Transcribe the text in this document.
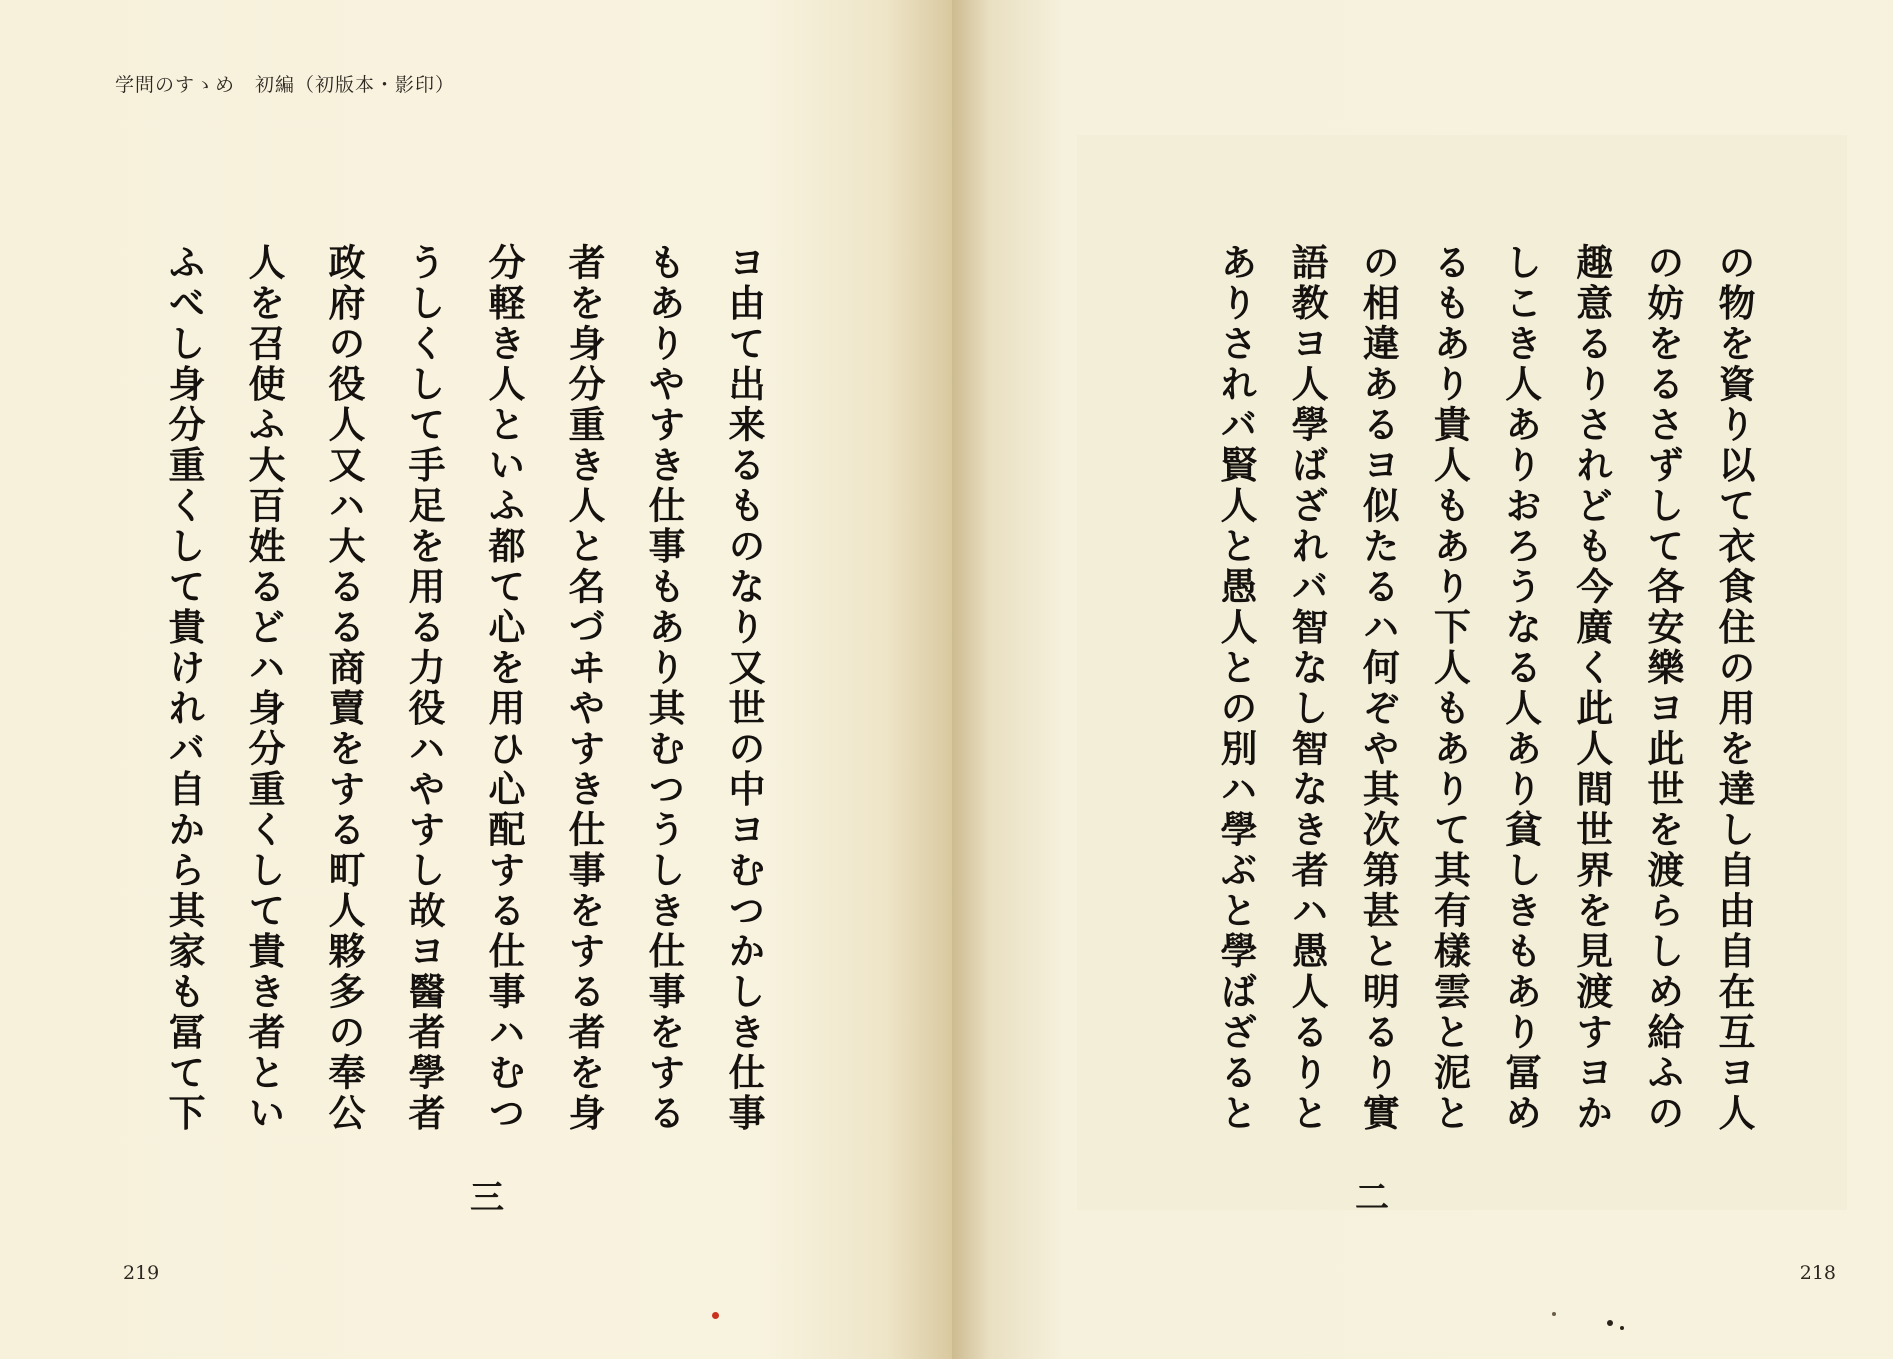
学問のすゝめ　初編（初版本・影印）
ヨ由て出来るものなり又世の中ヨむつかしき仕事
もありやすき仕事もあり其むつうしき仕事をする
者を身分重き人と名づヰやすき仕事をする者を身
分軽き人といふ都て心を用ひ心配する仕事ハむつ
うしくして手足を用る力役ハやすし故ヨ醫者學者
政府の役人又ハ大るる商賣をする町人夥多の奉公
人を召使ふ大百姓るどハ身分重くして貴き者とい
ふべし身分重くして貴けれバ自から其家も冨て下
三
219
の物を資り以て衣食住の用を達し自由自在互ヨ人
の妨をるさずして各安樂ヨ此世を渡らしめ給ふの
趣意るりされども今廣く此人間世界を見渡すヨか
しこき人ありおろうなる人あり貧しきもあり冨め
るもあり貴人もあり下人もありて其有樣雲と泥と
の相違あるヨ似たるハ何ぞや其次第甚と明るり實
語教ヨ人學ばざれバ智なし智なき者ハ愚人るりと
ありされバ賢人と愚人との別ハ學ぶと學ばざると
二
218
